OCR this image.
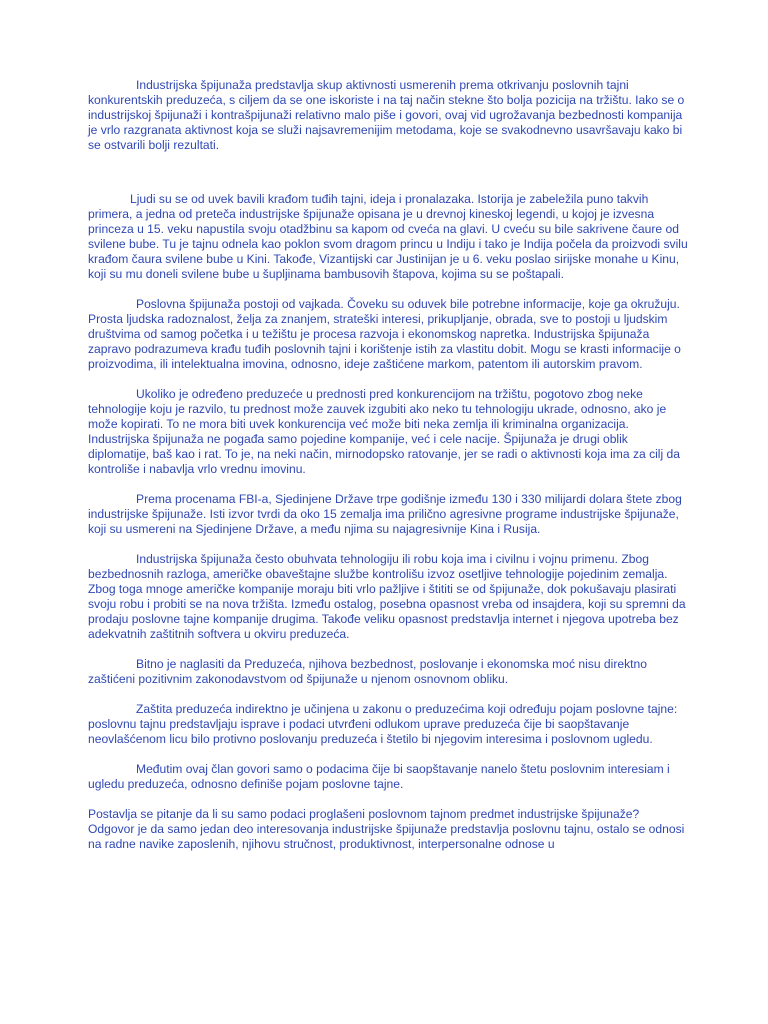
Industrijska špijunaža predstavlja skup aktivnosti usmerenih prema otkrivanju poslovnih tajni konkurentskih preduzeća, s ciljem da se one iskoriste i na taj način stekne što bolja pozicija na tržištu. Iako se o industrijskoj špijunaži i kontrašpijunaži relativno malo piše i govori, ovaj vid ugrožavanja bezbednosti kompanija je vrlo razgranata aktivnost koja se služi najsavremenijim metodama, koje se svakodnevno usavršavaju kako bi se ostvarili bolji rezultati.

Ljudi su se od uvek bavili krađom tuđih tajni, ideja i pronalazaka. Istorija je zabeležila puno takvih primera, a jedna od preteča industrijske špijunaže opisana je u drevnoj kineskoj legendi, u kojoj je izvesna princeza u 15. veku napustila svoju otadžbinu sa kapom od cveća na glavi. U cveću su bile sakrivene čaure od svilene bube. Tu je tajnu odnela kao poklon svom dragom princu u Indiju i tako je Indija počela da proizvodi svilu krađom čaura svilene bube u Kini. Takođe, Vizantijski car Justinijan je u 6. veku poslao sirijske monahe u Kinu, koji su mu doneli svilene bube u šupljinama bambusovih štapova, kojima su se poštapali.

Poslovna špijunaža postoji od vajkada. Čoveku su oduvek bile potrebne informacije, koje ga okružuju. Prosta ljudska radoznalost, želja za znanjem, strateški interesi, prikupljanje, obrada, sve to postoji u ljudskim društvima od samog početka i u težištu je procesa razvoja i ekonomskog napretka. Industrijska špijunaža zapravo podrazumeva krađu tuđih poslovnih tajni i korištenje istih za vlastitu dobit. Mogu se krasti informacije o proizvodima, ili intelektualna imovina, odnosno, ideje zaštićene markom, patentom ili autorskim pravom.

Ukoliko je određeno preduzeće u prednosti pred konkurencijom na tržištu, pogotovo zbog neke tehnologije koju je razvilo, tu prednost može zauvek izgubiti ako neko tu tehnologiju ukrade, odnosno, ako je može kopirati. To ne mora biti uvek konkurencija već može biti neka zemlja ili kriminalna organizacija. Industrijska špijunaža ne pogađa samo pojedine kompanije, već i cele nacije. Špijunaža je drugi oblik diplomatije, baš kao i rat. To je, na neki način, mirnodopsko ratovanje, jer se radi o aktivnosti koja ima za cilj da kontroliše i nabavlja vrlo vrednu imovinu.

Prema procenama FBI-a, Sjedinjene Države trpe godišnje između 130 i 330 milijardi dolara štete zbog industrijske špijunaže. Isti izvor tvrdi da oko 15 zemalja ima prilično agresivne programe industrijske špijunaže, koji su usmereni na Sjedinjene Države, a među njima su najagresivnije Kina i Rusija.

Industrijska špijunaža često obuhvata tehnologiju ili robu koja ima i civilnu i vojnu primenu. Zbog bezbednosnih razloga, američke obaveštajne službe kontrolišu izvoz osetljive tehnologije pojedinim zemalja. Zbog toga mnoge američke kompanije moraju biti vrlo pažljive i štititi se od špijunaže, dok pokušavaju plasirati svoju robu i probiti se na nova tržišta. Između ostalog, posebna opasnost vreba od insajdera, koji su spremni da prodaju poslovne tajne kompanije drugima. Takođe veliku opasnost predstavlja internet i njegova upotreba bez adekvatnih zaštitnih softvera u okviru preduzeća.

Bitno je naglasiti da Preduzeća, njihova bezbednost, poslovanje i ekonomska moć nisu direktno zaštićeni pozitivnim zakonodavstvom od špijunaže u njenom osnovnom obliku.

Zaštita preduzeća indirektno je učinjena u zakonu o preduzećima koji određuju pojam poslovne tajne: poslovnu tajnu predstavljaju isprave i podaci utvrđeni odlukom uprave preduzeća čije bi saopštavanje neovlašćenom licu bilo protivno poslovanju preduzeća i štetilo bi njegovim interesima i poslovnom ugledu.

Međutim ovaj član govori samo o podacima čije bi saopštavanje nanelo štetu poslovnim interesiam i ugledu preduzeća, odnosno definiše pojam poslovne tajne.

Postavlja se pitanje da li su samo podaci proglašeni poslovnom tajnom predmet industrijske špijunaže? Odgovor je da samo jedan deo interesovanja industrijske špijunaže predstavlja poslovnu tajnu, ostalo se odnosi na radne navike zaposlenih, njihovu stručnost, produktivnost, interpersonalne odnose u
